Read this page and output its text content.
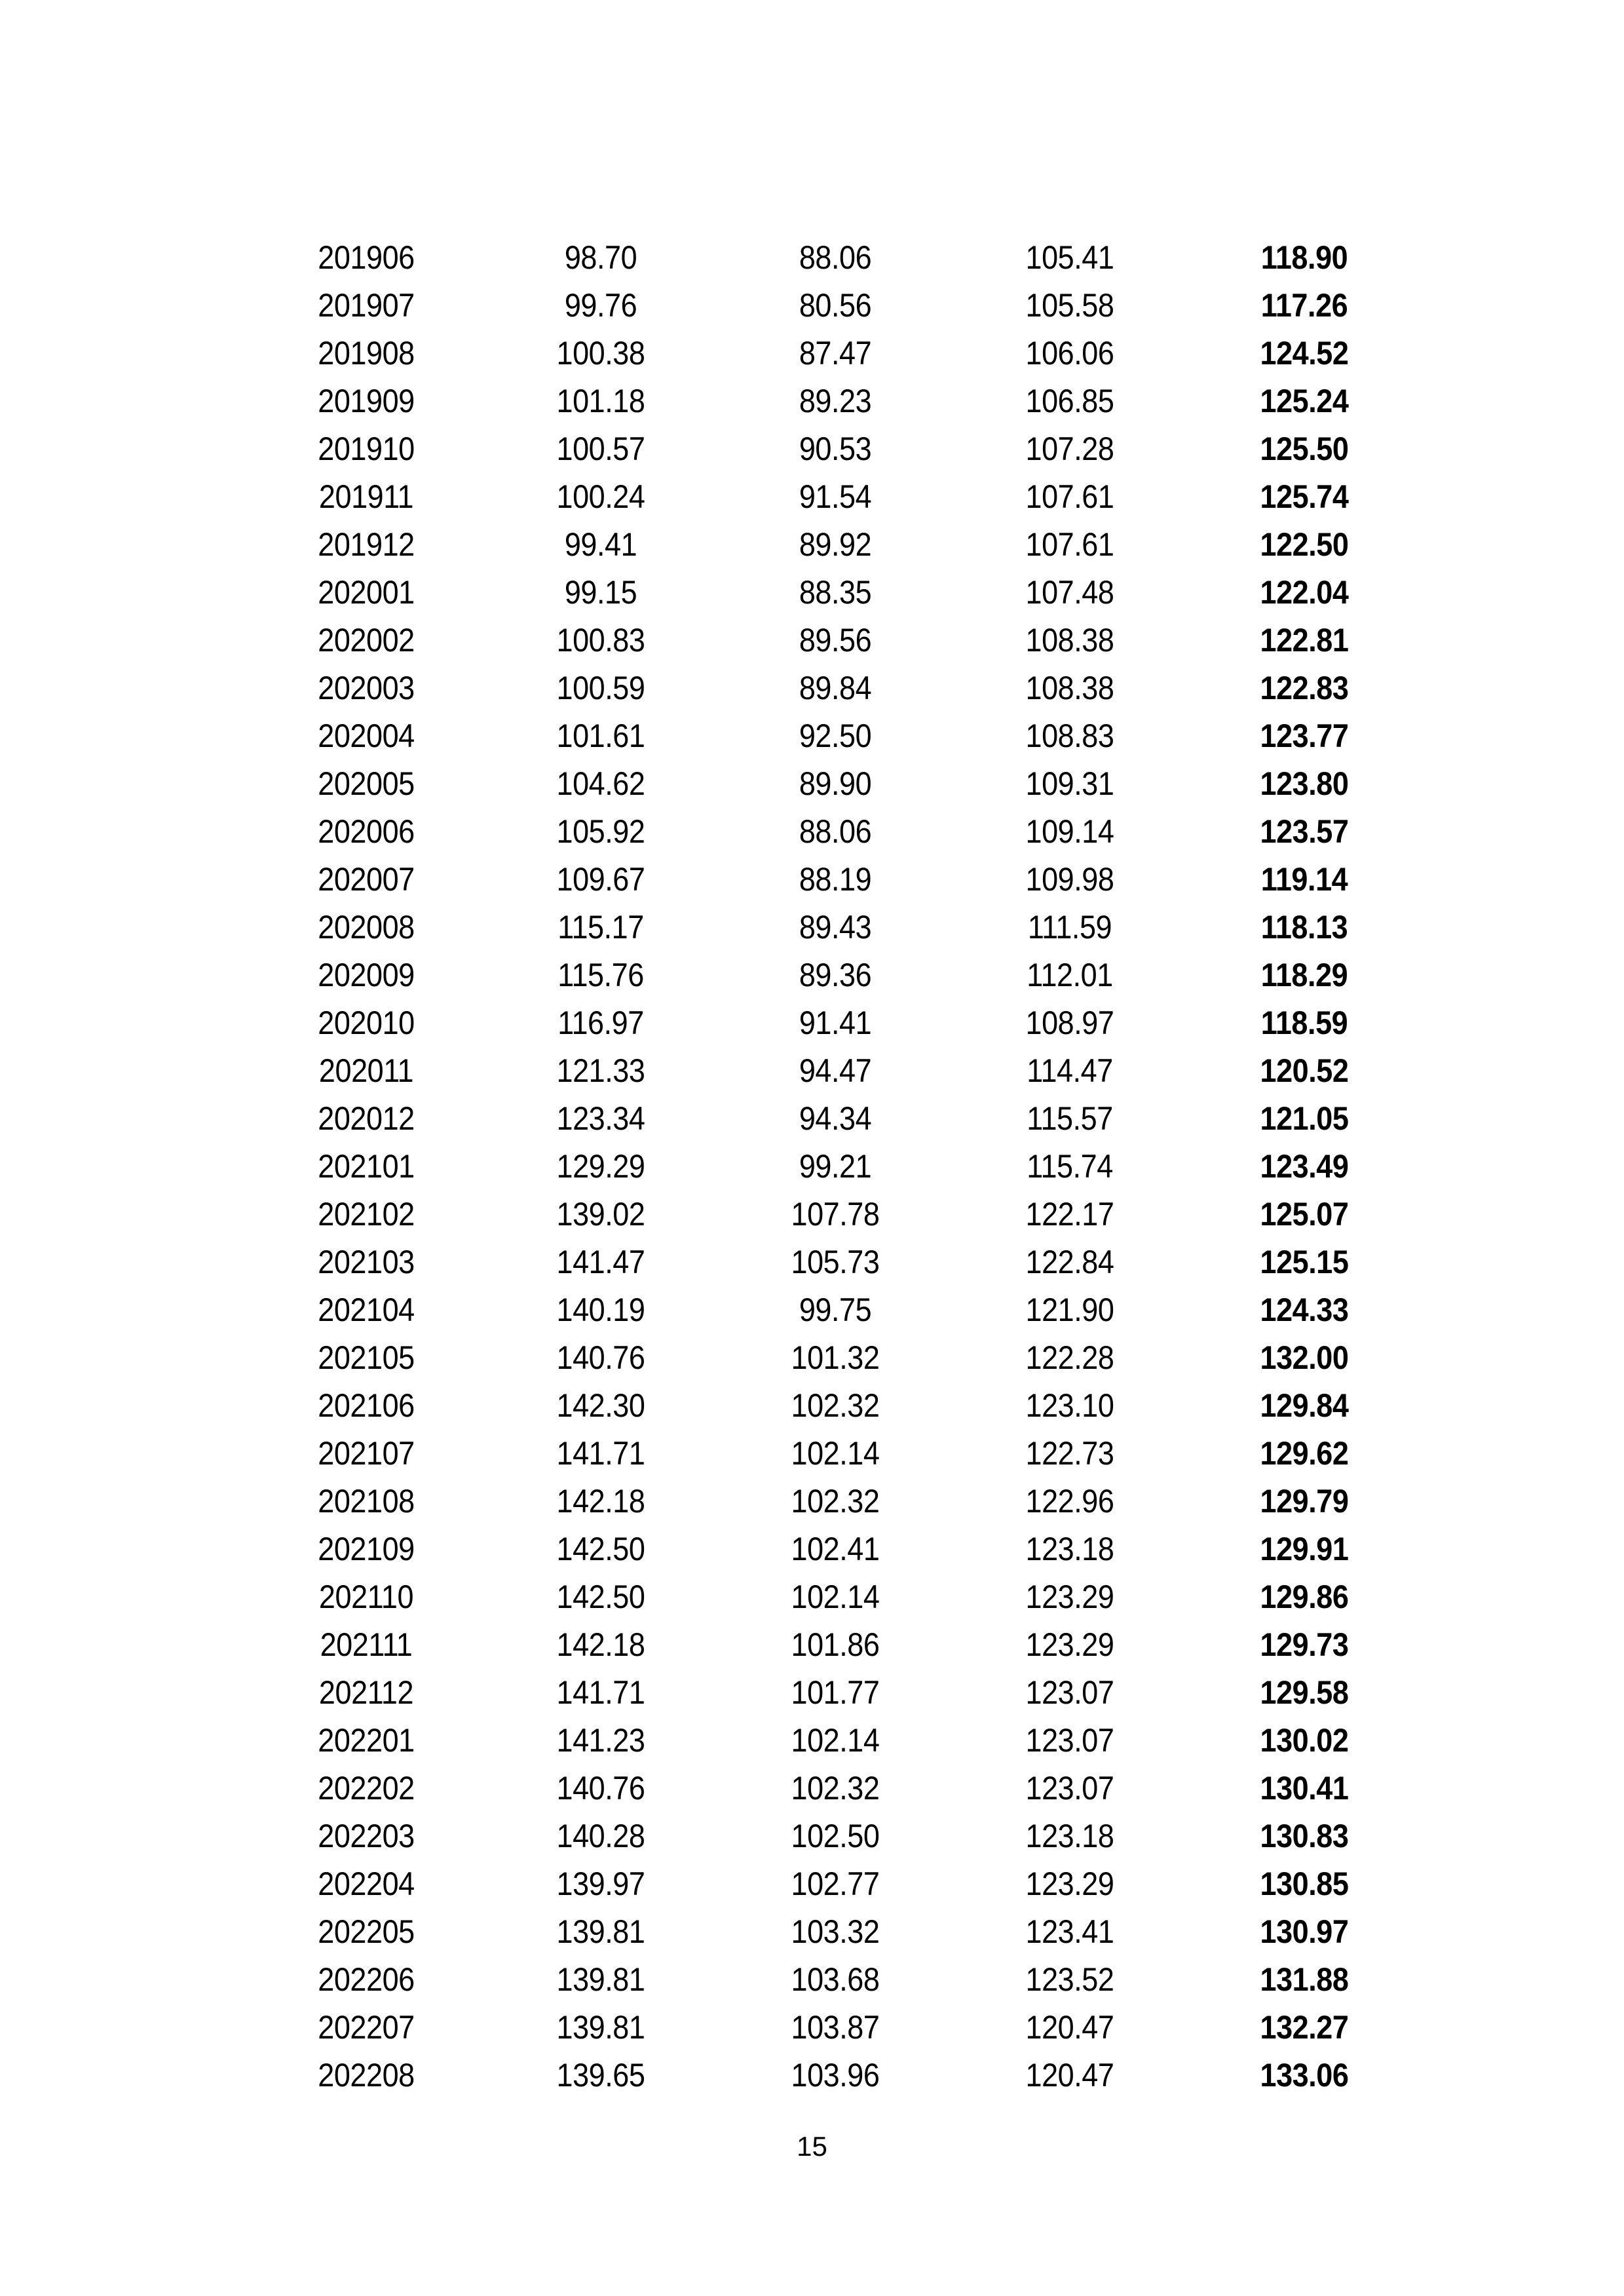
201906	98.70	88.06	105.41	118.90
201907	99.76	80.56	105.58	117.26
201908	100.38	87.47	106.06	124.52
201909	101.18	89.23	106.85	125.24
201910	100.57	90.53	107.28	125.50
201911	100.24	91.54	107.61	125.74
201912	99.41	89.92	107.61	122.50
202001	99.15	88.35	107.48	122.04
202002	100.83	89.56	108.38	122.81
202003	100.59	89.84	108.38	122.83
202004	101.61	92.50	108.83	123.77
202005	104.62	89.90	109.31	123.80
202006	105.92	88.06	109.14	123.57
202007	109.67	88.19	109.98	119.14
202008	115.17	89.43	111.59	118.13
202009	115.76	89.36	112.01	118.29
202010	116.97	91.41	108.97	118.59
202011	121.33	94.47	114.47	120.52
202012	123.34	94.34	115.57	121.05
202101	129.29	99.21	115.74	123.49
202102	139.02	107.78	122.17	125.07
202103	141.47	105.73	122.84	125.15
202104	140.19	99.75	121.90	124.33
202105	140.76	101.32	122.28	132.00
202106	142.30	102.32	123.10	129.84
202107	141.71	102.14	122.73	129.62
202108	142.18	102.32	122.96	129.79
202109	142.50	102.41	123.18	129.91
202110	142.50	102.14	123.29	129.86
202111	142.18	101.86	123.29	129.73
202112	141.71	101.77	123.07	129.58
202201	141.23	102.14	123.07	130.02
202202	140.76	102.32	123.07	130.41
202203	140.28	102.50	123.18	130.83
202204	139.97	102.77	123.29	130.85
202205	139.81	103.32	123.41	130.97
202206	139.81	103.68	123.52	131.88
202207	139.81	103.87	120.47	132.27
202208	139.65	103.96	120.47	133.06
15
